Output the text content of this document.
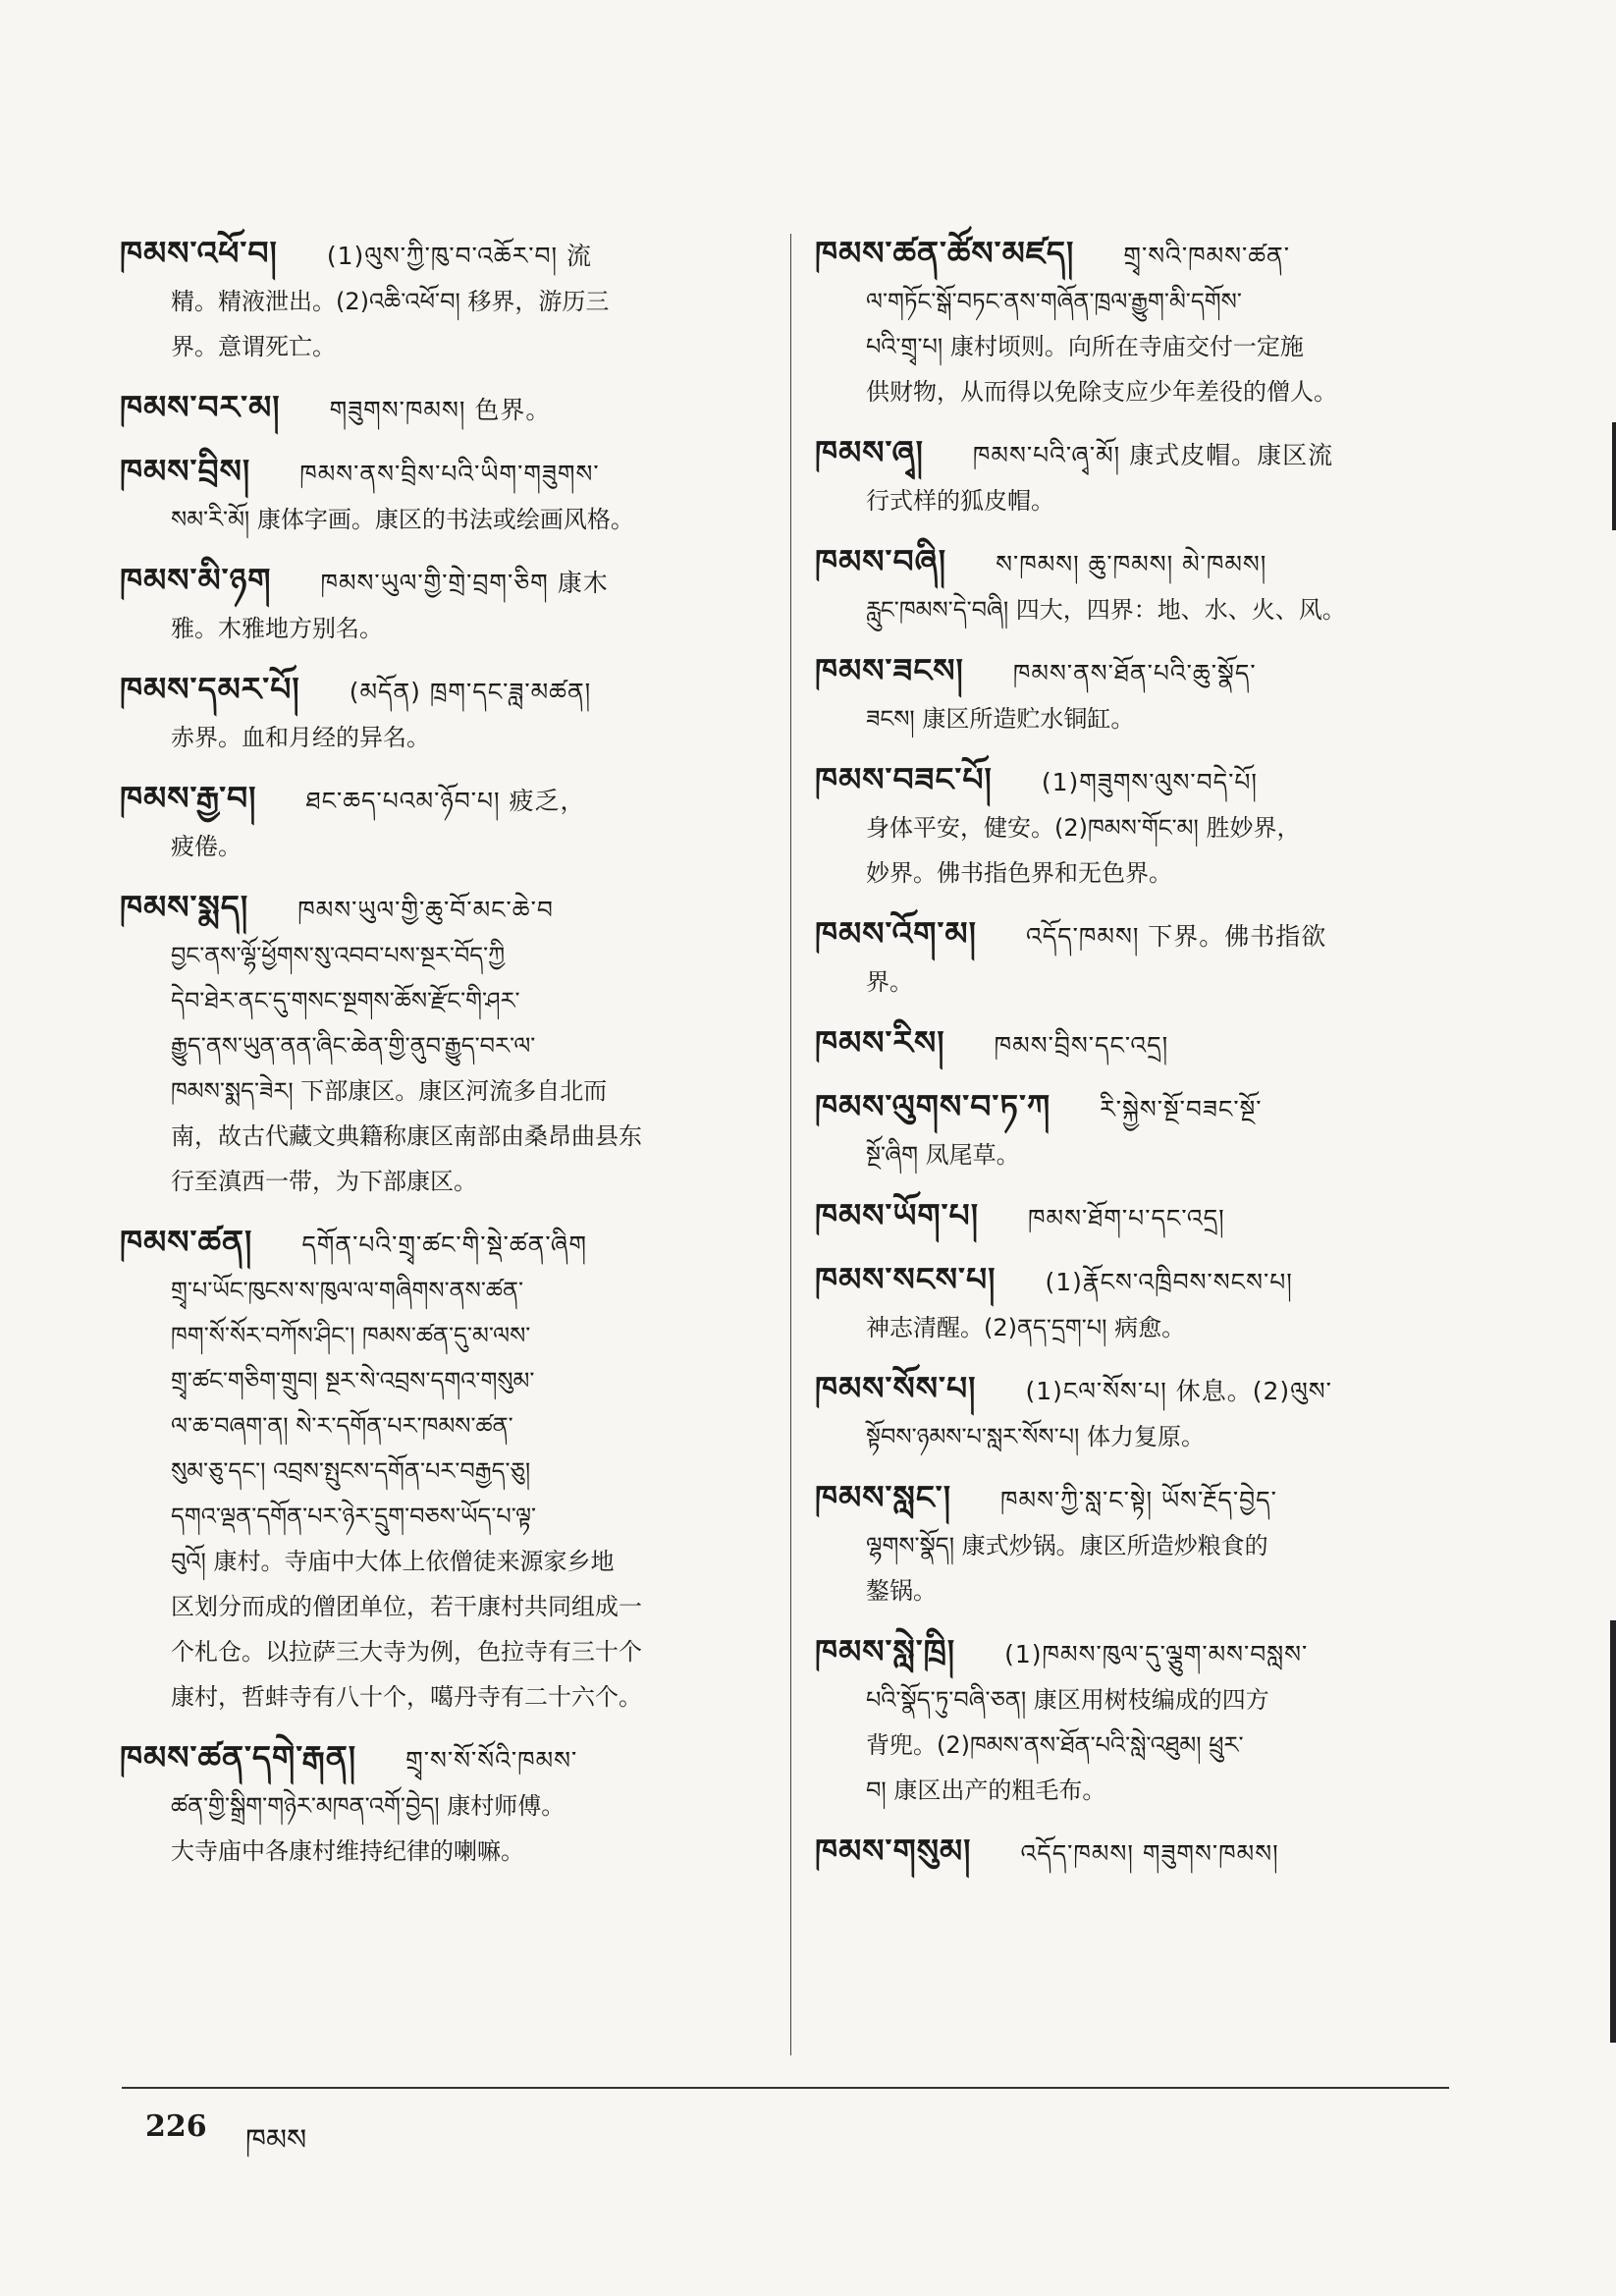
ཁམས་འཕོ་བ། (1)ལུས་ཀྱི་ཁུ་བ་འཆོར་བ། 流
精。精液泄出。(2)འཆི་འཕོ་བ། 移界，游历三
界。意谓死亡。
ཁམས་བར་མ། གཟུགས་ཁམས། 色界。
ཁམས་བྲིས། ཁམས་ནས་བྲིས་པའི་ཡིག་གཟུགས་
སམ་རི་མོ། 康体字画。康区的书法或绘画风格。
ཁམས་མི་ཉག ཁམས་ཡུལ་གྱི་གྲེ་བྲག་ཅིག 康木
雅。木雅地方别名。
ཁམས་དམར་པོ། (མདོན) ཁྲག་དང་ཟླ་མཚན།
赤界。血和月经的异名。
ཁམས་རྒྱ་བ། ཐང་ཆད་པའམ་ཉོབ་པ། 疲乏，
疲倦。
ཁམས་སྨད། ཁམས་ཡུལ་གྱི་ཆུ་བོ་མང་ཆེ་བ
བྱང་ནས་ལྷོ་ཕྱོགས་སུ་འབབ་པས་སྔར་བོད་ཀྱི
དེབ་ཐེར་ནང་དུ་གསང་སྔགས་ཆོས་རྫོང་གི་ཤར་
རྒྱུད་ནས་ཡུན་ནན་ཞིང་ཆེན་གྱི་ནུབ་རྒྱུད་བར་ལ་
ཁམས་སྨད་ཟེར། 下部康区。康区河流多自北而
南，故古代藏文典籍称康区南部由桑昂曲县东
行至滇西一带，为下部康区。
ཁམས་ཚན། དགོན་པའི་གྲྭ་ཚང་གི་སྡེ་ཚན་ཞིག
གྲྭ་པ་ཡོང་ཁུངས་ས་ཁུལ་ལ་གཞིགས་ནས་ཚན་
ཁག་སོ་སོར་བཀོས་ཤིང་། ཁམས་ཚན་དུ་མ་ལས་
གྲྭ་ཚང་གཅིག་གྲུབ། སྔར་སེ་འབྲས་དགའ་གསུམ་
ལ་ཆ་བཞག་ན། སེ་ར་དགོན་པར་ཁམས་ཚན་
སུམ་ཅུ་དང་། འབྲས་སྤུངས་དགོན་པར་བརྒྱད་ཅུ།
དགའ་ལྡན་དགོན་པར་ཉེར་དྲུག་བཅས་ཡོད་པ་ལྟ་
བུའོ། 康村。寺庙中大体上依僧徒来源家乡地
区划分而成的僧团单位，若干康村共同组成一
个札仓。以拉萨三大寺为例，色拉寺有三十个
康村，哲蚌寺有八十个，噶丹寺有二十六个。
ཁམས་ཚན་དགེ་རྒན། གྲྭ་ས་སོ་སོའི་ཁམས་
ཚན་གྱི་སྒྲིག་གཉེར་མཁན་འགོ་བྱེད། 康村师傅。
大寺庙中各康村维持纪律的喇嘛。
ཁམས་ཚན་ཚོས་མཛད། གྲྭ་སའི་ཁམས་ཚན་
ལ་གཏོང་སྒོ་བཏང་ནས་གཞོན་ཁྲལ་རྒྱུག་མི་དགོས་
པའི་གྲྭ་པ། 康村顷则。向所在寺庙交付一定施
供财物，从而得以免除支应少年差役的僧人。
ཁམས་ཞྭ། ཁམས་པའི་ཞྭ་མོ། 康式皮帽。康区流
行式样的狐皮帽。
ཁམས་བཞི། ས་ཁམས། ཆུ་ཁམས། མེ་ཁམས།
རླུང་ཁམས་དེ་བཞི། 四大，四界：地、水、火、风。
ཁམས་ཟངས། ཁམས་ནས་ཐོན་པའི་ཆུ་སྣོད་
ཟངས། 康区所造贮水铜缸。
ཁམས་བཟང་པོ། (1)གཟུགས་ལུས་བདེ་པོ།
身体平安，健安。(2)ཁམས་གོང་མ། 胜妙界，
妙界。佛书指色界和无色界。
ཁམས་འོག་མ། འདོད་ཁམས། 下界。佛书指欲
界。
ཁམས་རིས། ཁམས་བྲིས་དང་འདྲ།
ཁམས་ལུགས་བ་ཏ་ཀ རི་སྐྱེས་སྔོ་བཟང་སྔོ་
སྔོ་ཞིག 凤尾草。
ཁམས་ཡོག་པ། ཁམས་ཐོག་པ་དང་འདྲ།
ཁམས་སངས་པ། (1)རྣོངས་འཁྲིབས་སངས་པ།
神志清醒。(2)ནད་དྲག་པ། 病愈。
ཁམས་སོས་པ། (1)ངལ་སོས་པ། 休息。(2)ལུས་
སྟོབས་ཉམས་པ་སླར་སོས་པ། 体力复原。
ཁམས་སླང་། ཁམས་ཀྱི་སླ་ང་སྟེ། ཡོས་རྔོད་བྱེད་
ལྷགས་སྣོད། 康式炒锅。康区所造炒粮食的
鏊锅。
ཁམས་སླེ་ཁྲི། (1)ཁམས་ཁུལ་དུ་ལྕུག་མས་བསླས་
པའི་སྣོད་ཏུ་བཞི་ཅན། 康区用树枝编成的四方
背兜。(2)ཁམས་ནས་ཐོན་པའི་སླེ་འཐུམ། ཕྲུར་
བ། 康区出产的粗毛布。
ཁམས་གསུམ། འདོད་ཁམས། གཟུགས་ཁམས།
226 ཁམས
